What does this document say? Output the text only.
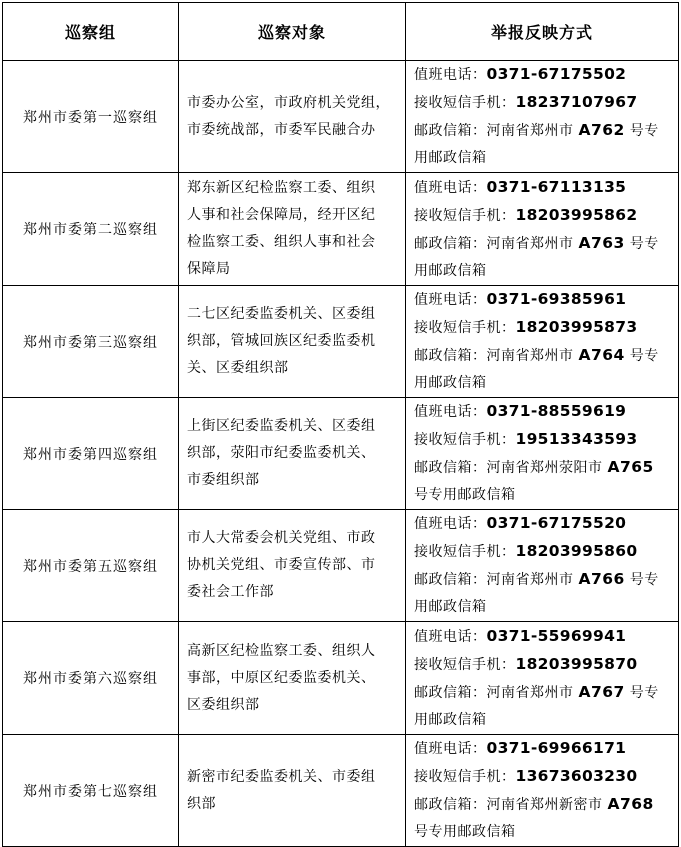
巡察组	巡察对象	举报反映方式
郑州市委第一巡察组	市委办公室，市政府机关党组，
市委统战部，市委军民融合办	值班电话：0371-67175502
接收短信手机：18237107967
邮政信箱：河南省郑州市 A762 号专
用邮政信箱

郑州市委第二巡察组	郑东新区纪检监察工委、组织
人事和社会保障局，经开区纪
检监察工委、组织人事和社会
保障局	值班电话：0371-67113135
接收短信手机：18203995862
邮政信箱：河南省郑州市 A763 号专
用邮政信箱

郑州市委第三巡察组	二七区纪委监委机关、区委组
织部，管城回族区纪委监委机
关、区委组织部	值班电话：0371-69385961
接收短信手机：18203995873
邮政信箱：河南省郑州市 A764 号专
用邮政信箱

郑州市委第四巡察组	上街区纪委监委机关、区委组
织部，荥阳市纪委监委机关、
市委组织部	值班电话：0371-88559619
接收短信手机：19513343593
邮政信箱：河南省郑州荥阳市 A765
号专用邮政信箱

郑州市委第五巡察组	市人大常委会机关党组、市政
协机关党组、市委宣传部、市
委社会工作部	值班电话：0371-67175520
接收短信手机：18203995860
邮政信箱：河南省郑州市 A766 号专
用邮政信箱

郑州市委第六巡察组	高新区纪检监察工委、组织人
事部，中原区纪委监委机关、
区委组织部	值班电话：0371-55969941
接收短信手机：18203995870
邮政信箱：河南省郑州市 A767 号专
用邮政信箱

郑州市委第七巡察组	新密市纪委监委机关、市委组
织部	值班电话：0371-69966171
接收短信手机：13673603230
邮政信箱：河南省郑州新密市 A768
号专用邮政信箱
